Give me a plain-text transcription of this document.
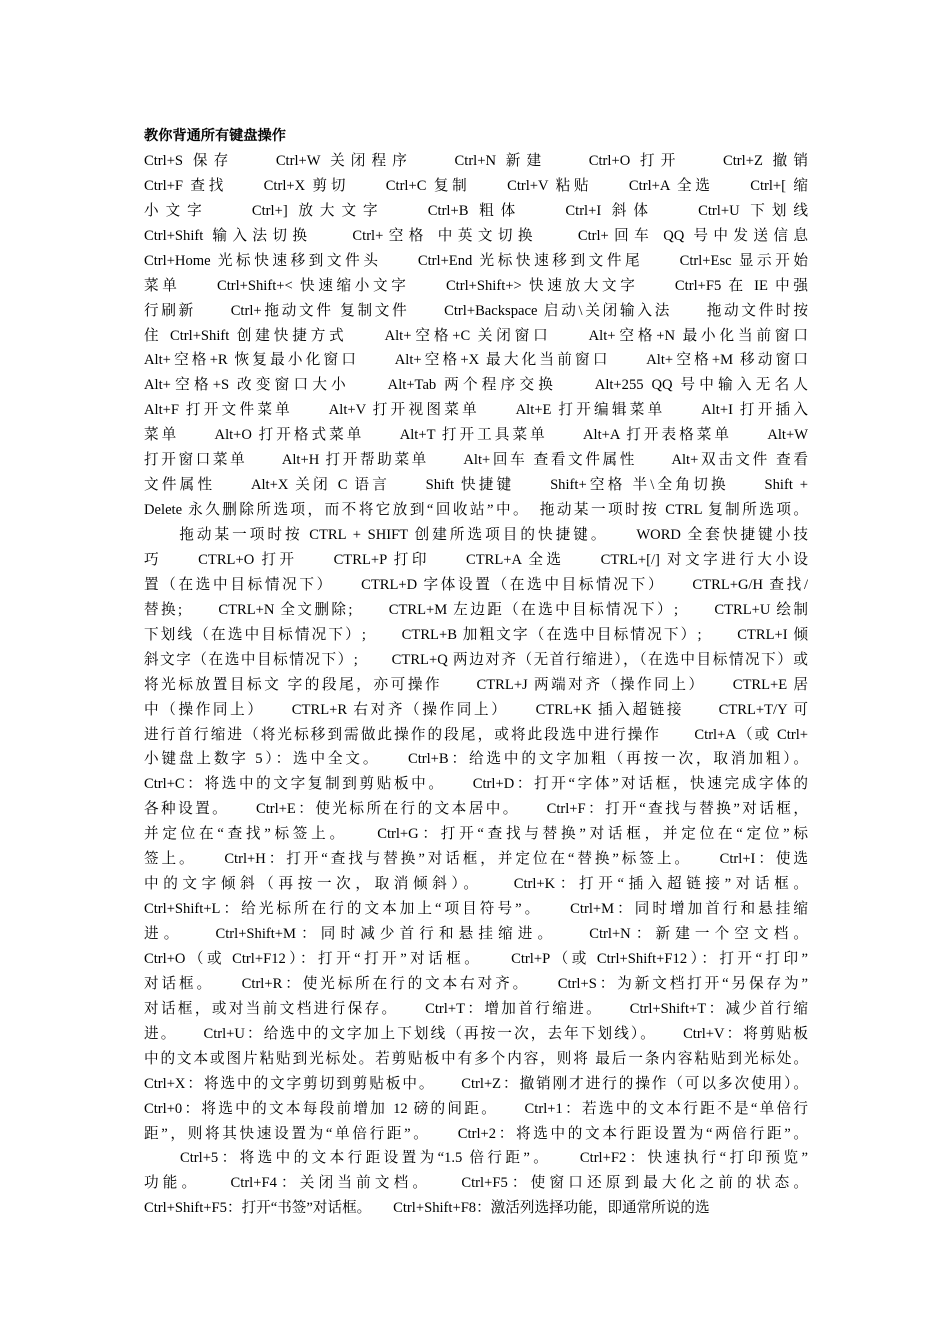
教你背通所有键盘操作
Ctrl+S 保存　　Ctrl+W 关闭程序　　Ctrl+N 新建　　Ctrl+O 打开　　Ctrl+Z 撤销
Ctrl+F 查找　　Ctrl+X 剪切　　Ctrl+C 复制　　Ctrl+V 粘贴　　Ctrl+A 全选　　Ctrl+[ 缩
小文字　　Ctrl+] 放大文字　　Ctrl+B 粗体　　Ctrl+I 斜体　　Ctrl+U 下划线
Ctrl+Shift 输入法切换　　Ctrl+空格 中英文切换　　Ctrl+回车 QQ 号中发送信息
Ctrl+Home 光标快速移到文件头　　Ctrl+End 光标快速移到文件尾　　Ctrl+Esc 显示开始
菜单　　Ctrl+Shift+< 快速缩小文字　　Ctrl+Shift+> 快速放大文字　　Ctrl+F5 在 IE 中强
行刷新　　Ctrl+拖动文件 复制文件　　Ctrl+Backspace 启动\关闭输入法　　拖动文件时按
住 Ctrl+Shift 创建快捷方式　　Alt+空格+C 关闭窗口　　Alt+空格+N 最小化当前窗口
Alt+空格+R 恢复最小化窗口　　Alt+空格+X 最大化当前窗口　　Alt+空格+M 移动窗口
Alt+空格+S 改变窗口大小　　Alt+Tab 两个程序交换　　Alt+255 QQ 号中输入无名人
Alt+F 打开文件菜单　　Alt+V 打开视图菜单　　Alt+E 打开编辑菜单　　Alt+I 打开插入
菜单　　Alt+O 打开格式菜单　　Alt+T 打开工具菜单　　Alt+A 打开表格菜单　　Alt+W
打开窗口菜单　　Alt+H 打开帮助菜单　　Alt+回车 查看文件属性　　Alt+双击文件 查看
文件属性　　Alt+X 关闭 C 语言　　Shift 快捷键　　Shift+空格 半\全角切换　　Shift +
Delete 永久删除所选项，而不将它放到“回收站”中。　拖动某一项时按 CTRL 复制所选项。
　　拖动某一项时按 CTRL + SHIFT 创建所选项目的快捷键。　　WORD 全套快捷键小技
巧　　CTRL+O 打开　　CTRL+P 打印　　CTRL+A 全选　　CTRL+[/] 对文字进行大小设
置（在选中目标情况下）　　CTRL+D 字体设置（在选中目标情况下）　　CTRL+G/H 查找/
替换;　　CTRL+N 全文删除;　　CTRL+M 左边距（在选中目标情况下）;　　CTRL+U 绘制
下划线（在选中目标情况下）;　　CTRL+B 加粗文字（在选中目标情况下）;　　CTRL+I 倾
斜文字（在选中目标情况下）;　　CTRL+Q 两边对齐（无首行缩进），（在选中目标情况下）或
将光标放置目标文 字的段尾，亦可操作　　CTRL+J 两端对齐（操作同上）　　CTRL+E 居
中（操作同上）　　CTRL+R 右对齐（操作同上）　　CTRL+K 插入超链接　　CTRL+T/Y 可
进行首行缩进（将光标移到需做此操作的段尾，或将此段选中进行操作　　Ctrl+A（或 Ctrl+
小键盘上数字 5）：选中全文。　　Ctrl+B：给选中的文字加粗（再按一次，取消加粗）。
Ctrl+C：将选中的文字复制到剪贴板中。　　Ctrl+D：打开“字体”对话框，快速完成字体的
各种设置。　　Ctrl+E：使光标所在行的文本居中。　　Ctrl+F：打开“查找与替换”对话框，
并定位在“查找”标签上。　　Ctrl+G：打开“查找与替换”对话框，并定位在“定位”标
签上。　　Ctrl+H：打开“查找与替换”对话框，并定位在“替换”标签上。　　Ctrl+I：使选
中的文字倾斜（再按一次，取消倾斜）。　　Ctrl+K：打开“插入超链接”对话框。
Ctrl+Shift+L：给光标所在行的文本加上“项目符号”。　　Ctrl+M：同时增加首行和悬挂缩
进。　　Ctrl+Shift+M：同时减少首行和悬挂缩进。　　Ctrl+N：新建一个空文档。
Ctrl+O（或 Ctrl+F12）：打开“打开”对话框。　　Ctrl+P（或 Ctrl+Shift+F12）：打开“打印”
对话框。　　Ctrl+R：使光标所在行的文本右对齐。　　Ctrl+S：为新文档打开“另保存为”
对话框，或对当前文档进行保存。　　Ctrl+T：增加首行缩进。　　Ctrl+Shift+T：减少首行缩
进。　　Ctrl+U：给选中的文字加上下划线（再按一次，去年下划线）。　　Ctrl+V：将剪贴板
中的文本或图片粘贴到光标处。若剪贴板中有多个内容，则将 最后一条内容粘贴到光标处。
Ctrl+X：将选中的文字剪切到剪贴板中。　　Ctrl+Z：撤销刚才进行的操作（可以多次使用）。
Ctrl+0：将选中的文本每段前增加 12 磅的间距。　　Ctrl+1：若选中的文本行距不是“单倍行
距”，则将其快速设置为“单倍行距”。　　Ctrl+2：将选中的文本行距设置为“两倍行距”。
　　Ctrl+5：将选中的文本行距设置为“1.5 倍行距”。　　Ctrl+F2：快速执行“打印预览”
功能。　　Ctrl+F4：关闭当前文档。　　Ctrl+F5：使窗口还原到最大化之前的状态。
Ctrl+Shift+F5：打开“书签”对话框。　　Ctrl+Shift+F8：激活列选择功能，即通常所说的选
